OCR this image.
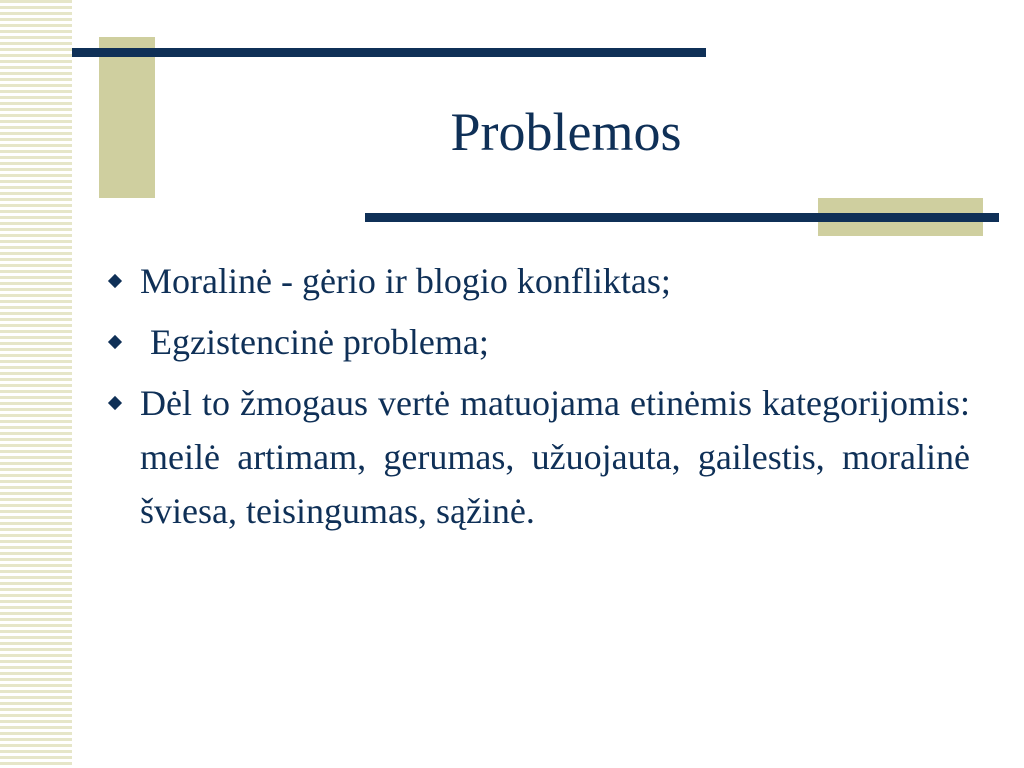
Problemos
Moralinė - gėrio ir blogio konfliktas;
Egzistencinė problema;
Dėl to žmogaus vertė matuojama etinėmis kategorijomis: meilė artimam, gerumas, užuojauta, gailestis, moralinė šviesa, teisingumas, sąžinė.
